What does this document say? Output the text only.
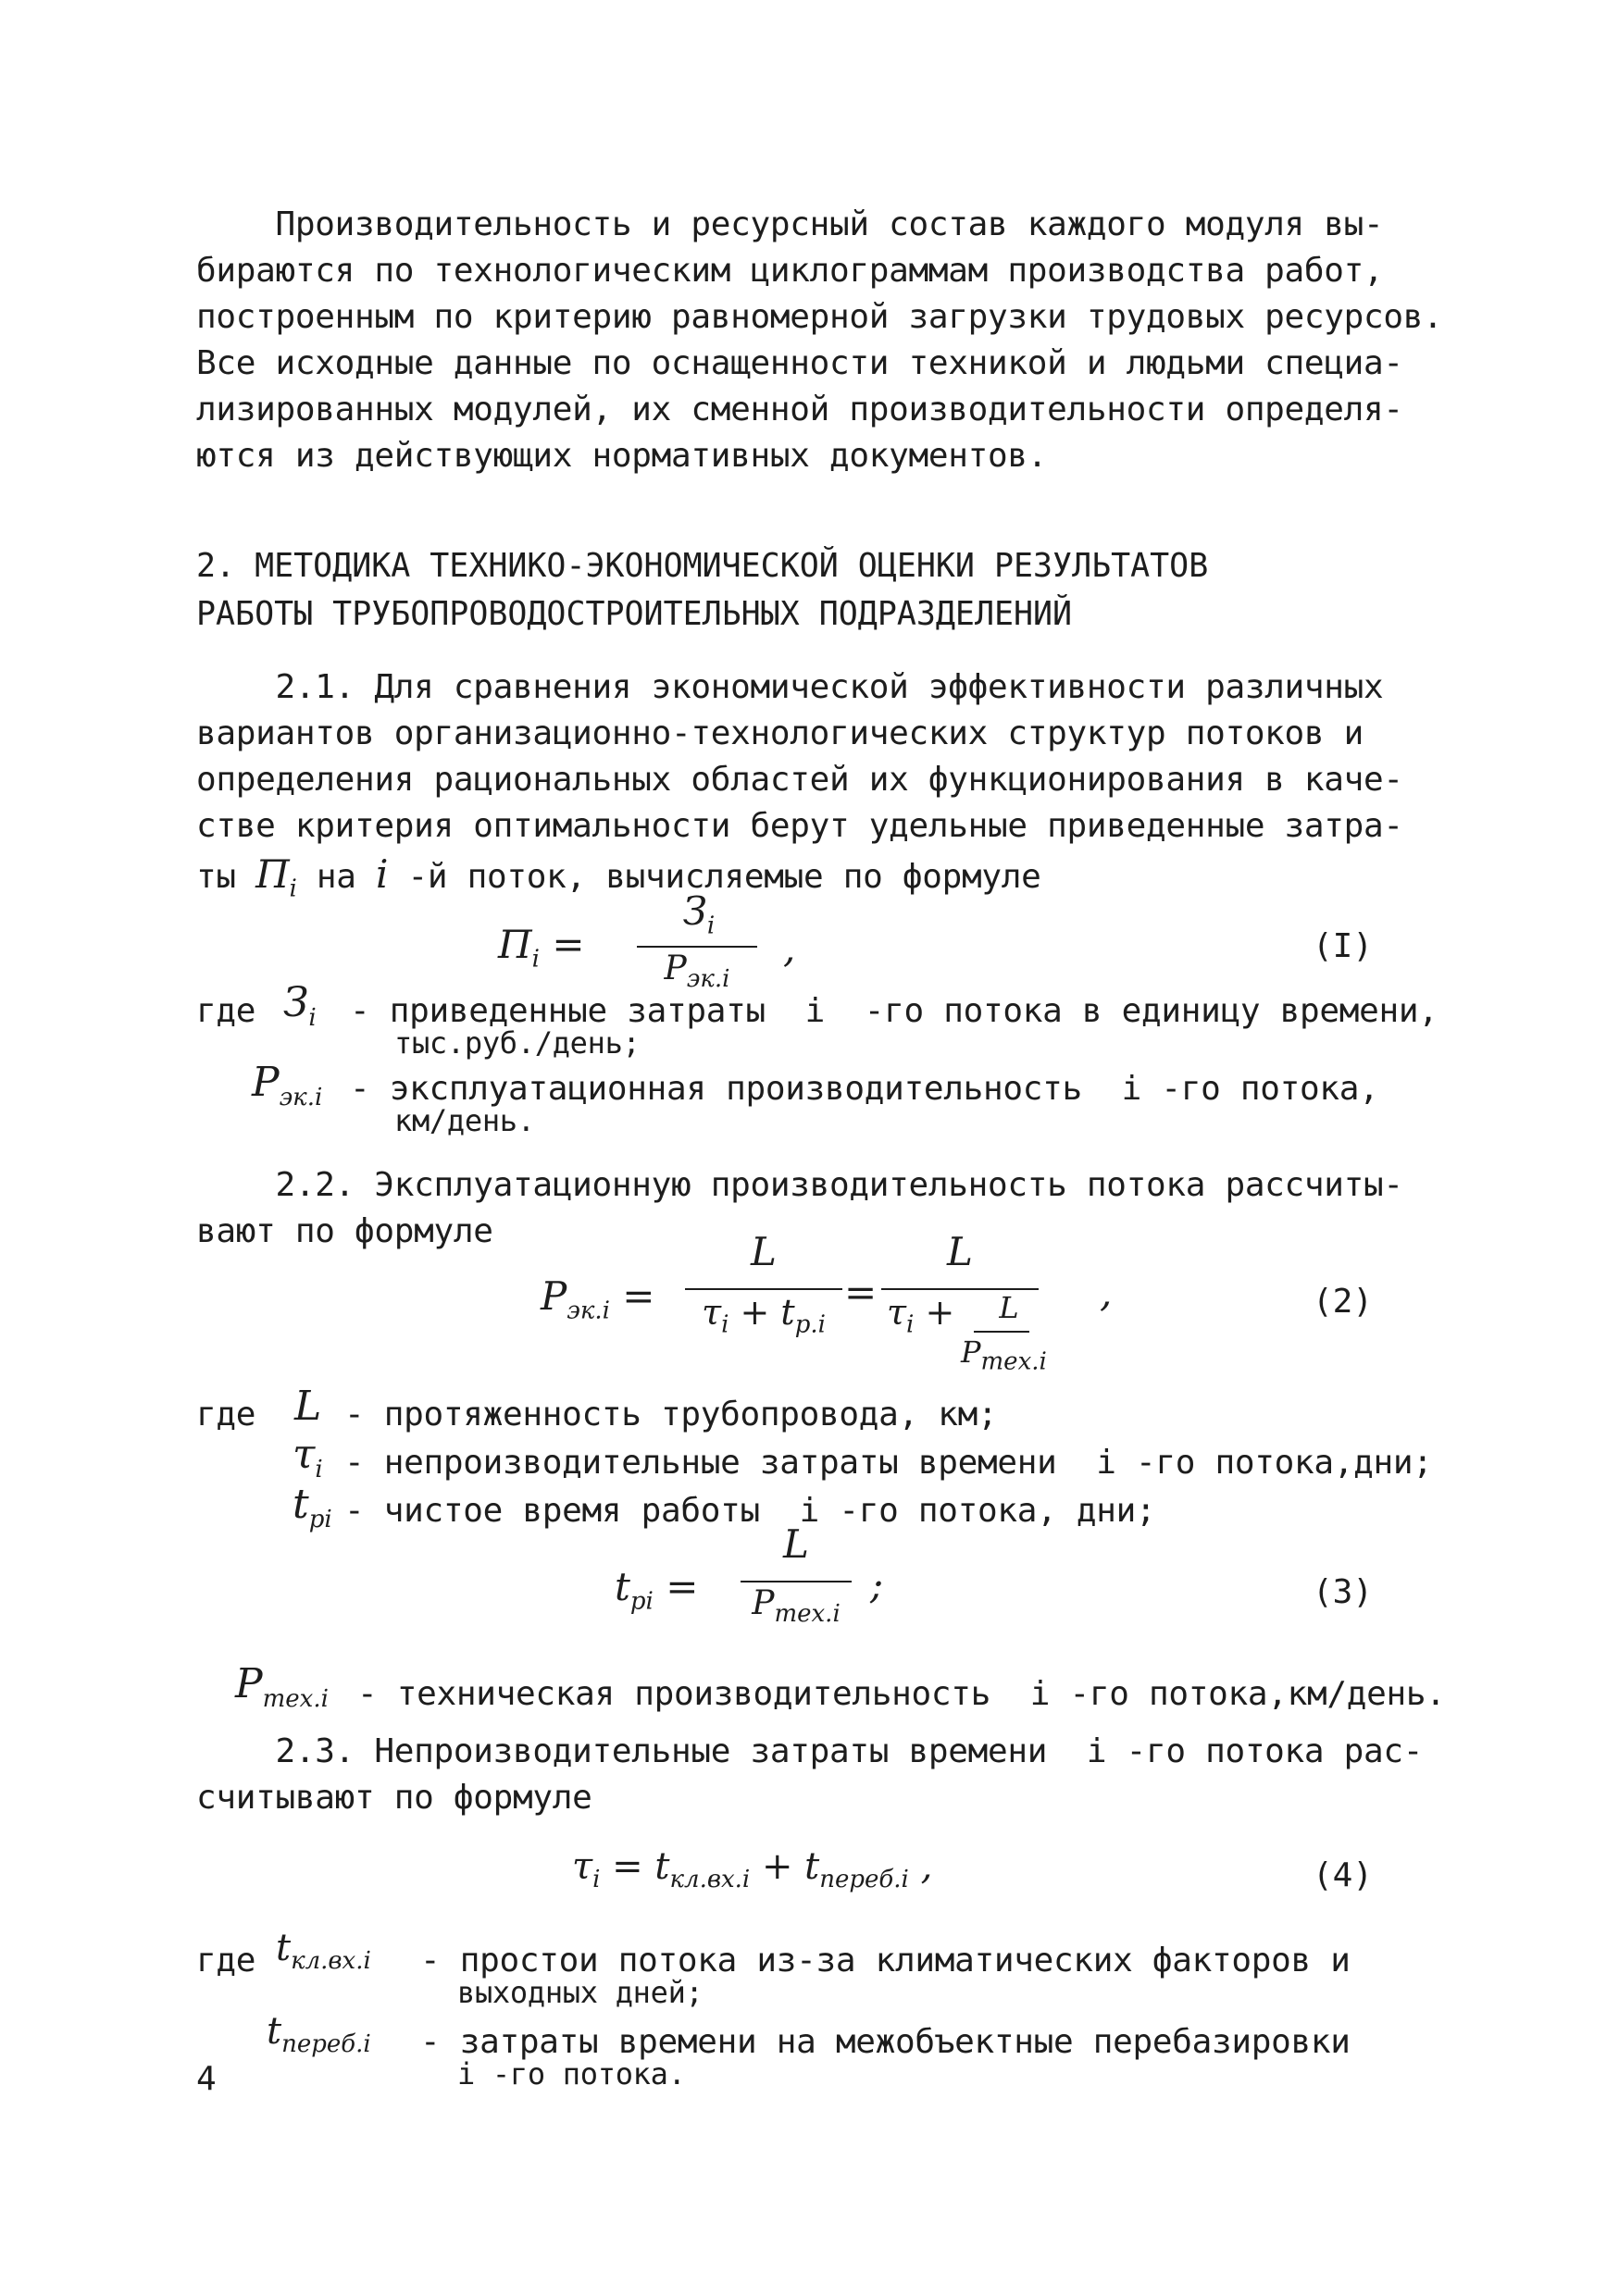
Производительность и ресурсный состав каждого модуля вы-
бираются по технологическим циклограммам производства работ,
построенным по критерию равномерной загрузки трудовых ресурсов.
Все исходные данные по оснащенности техникой и людьми специа-
лизированных модулей, их сменной производительности определя-
ются из действующих нормативных документов.
2. МЕТОДИКА ТЕХНИКО-ЭКОНОМИЧЕСКОЙ ОЦЕНКИ РЕЗУЛЬТАТОВ
РАБОТЫ ТРУБОПРОВОДОСТРОИТЕЛЬНЫХ ПОДРАЗДЕЛЕНИЙ
2.1. Для сравнения экономической эффективности различных
вариантов организационно-технологических структур потоков и
определения рациональных областей их функционирования в каче-
стве критерия оптимальности берут удельные приведенные затра-
ты $П_i$ на i -й поток, вычисляемые по формуле
$П_i$ =
$З_i$
$P_{эк.i}$
,	(I)
где $З_i$ - приведенные затраты  i  -го потока в единицу времени,
тыс.руб./день;
$P_{эк.i}$ - эксплуатационная производительность  i -го потока,
км/день.
2.2. Эксплуатационную производительность потока рассчиты-
вают по формуле
$P_{эк.i}$ =
L
$\tau_i + t_{p.i}$
=
L
$\tau_i$ +	L
$P_{тех.i}$
,	(2)
где L - протяженность трубопровода, км;
$\tau_i$ - непроизводительные затраты времени  i -го потока,дни;
$t_{pi}$ - чистое время работы  i -го потока, дни;
$t_{pi}$ =
L
$P_{тех.i}$
;	(3)
$P_{тех.i}$ - техническая производительность  i -го потока,км/день.
2.3. Непроизводительные затраты времени  i -го потока рас-
считывают по формуле
$\tau_i = t_{кл.вх.i} + t_{переб.i}$ ,	(4)
где $t_{кл.вх.i}$ - простои потока из-за климатических факторов и
выходных дней;
$t_{переб.i}$ - затраты времени на межобъектные перебазировки
i -го потока.
4
